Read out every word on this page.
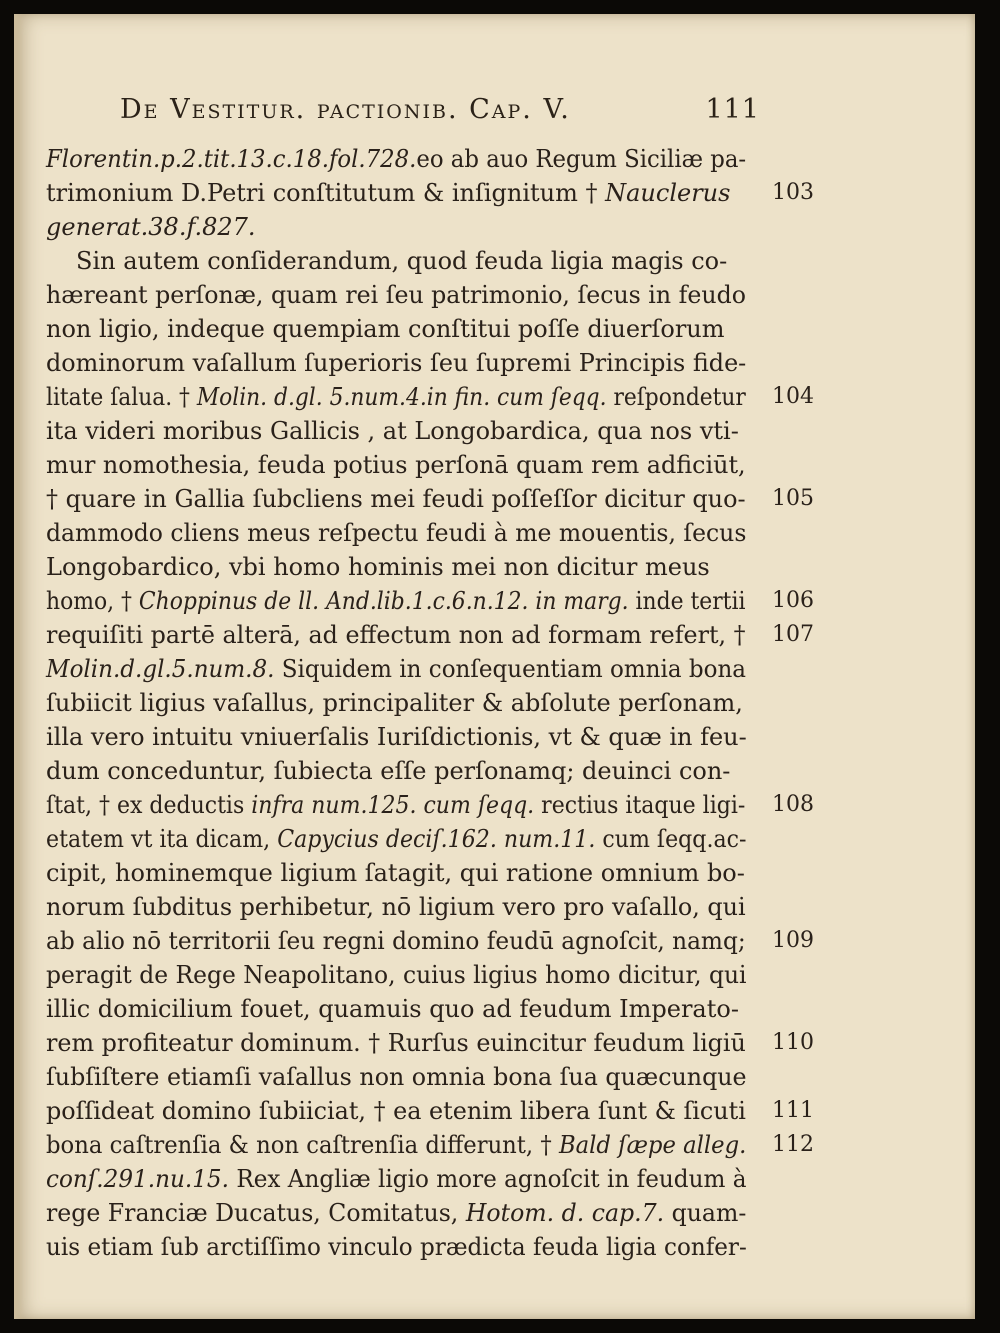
De Vestitur. pactionib. Cap. V.	111
Florentin.p.2.tit.13.c.18.fol.728.eo ab auo Regum Siciliæ pa-
trimonium D.Petri conſtitutum & inſignitum † Nauclerus 103
generat.38.f.827.
Sin autem conſiderandum, quod feuda ligia magis co-
hæreant perſonæ, quam rei ſeu patrimonio, ſecus in feudo
non ligio, indeque quempiam conſtitui poſſe diuerſorum
dominorum vaſallum ſuperioris ſeu ſupremi Principis fide-
litate ſalua. † Molin. d.gl. 5.num.4.in fin. cum ſeqq. reſpondetur 104
ita videri moribus Gallicis , at Longobardica, qua nos vti-
mur nomothesia, feuda potius perſonā quam rem adficiūt,
† quare in Gallia ſubcliens mei feudi poſſeſſor dicitur quo- 105
dammodo cliens meus reſpectu feudi à me mouentis, ſecus
Longobardico, vbi homo hominis mei non dicitur meus
homo, † Choppinus de ll. And.lib.1.c.6.n.12. in marg. inde tertii 106
requiſiti partē alterā, ad effectum non ad formam refert, † 107
Molin.d.gl.5.num.8. Siquidem in conſequentiam omnia bona
ſubiicit ligius vaſallus, principaliter & abſolute perſonam,
illa vero intuitu vniuerſalis Iuriſdictionis, vt & quæ in feu-
dum conceduntur, ſubiecta eſſe perſonamq; deuinci con-
ſtat, † ex deductis infra num.125. cum ſeqq. rectius itaque ligi- 108
etatem vt ita dicam, Capycius deciſ.162. num.11. cum ſeqq.ac-
cipit, hominemque ligium ſatagit, qui ratione omnium bo-
norum ſubditus perhibetur, nō ligium vero pro vaſallo, qui
ab alio nō territorii ſeu regni domino feudū agnoſcit, namq; 109
peragit de Rege Neapolitano, cuius ligius homo dicitur, qui
illic domicilium fouet, quamuis quo ad feudum Imperato-
rem profiteatur dominum. † Rurſus euincitur feudum ligiū 110
ſubſiſtere etiamſi vaſallus non omnia bona ſua quæcunque
poſſideat domino ſubiiciat, † ea etenim libera ſunt & ſicuti 111
bona caſtrenſia & non caſtrenſia differunt, † Bald ſæpe alleg. 112
conſ.291.nu.15. Rex Angliæ ligio more agnoſcit in feudum à
rege Franciæ Ducatus, Comitatus, Hotom. d. cap.7. quam-
uis etiam ſub arctiſſimo vinculo prædicta feuda ligia confer-
